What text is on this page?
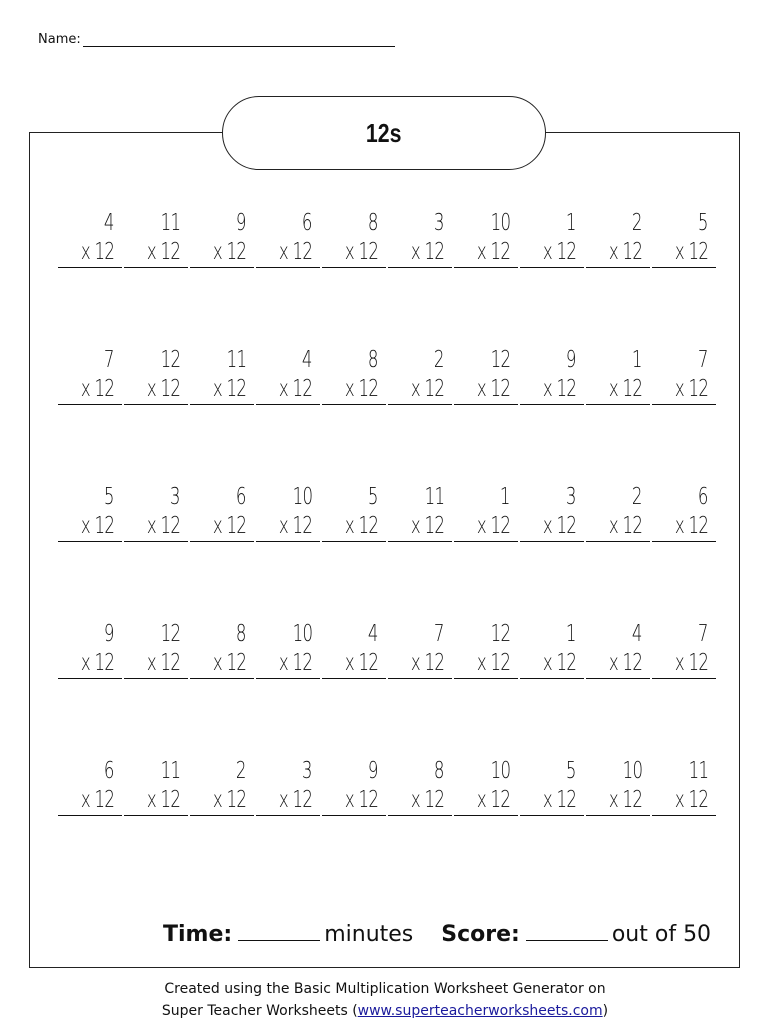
Name:
12s
4
x 12
11
x 12
9
x 12
6
x 12
8
x 12
3
x 12
10
x 12
1
x 12
2
x 12
5
x 12
7
x 12
12
x 12
11
x 12
4
x 12
8
x 12
2
x 12
12
x 12
9
x 12
1
x 12
7
x 12
5
x 12
3
x 12
6
x 12
10
x 12
5
x 12
11
x 12
1
x 12
3
x 12
2
x 12
6
x 12
9
x 12
12
x 12
8
x 12
10
x 12
4
x 12
7
x 12
12
x 12
1
x 12
4
x 12
7
x 12
6
x 12
11
x 12
2
x 12
3
x 12
9
x 12
8
x 12
10
x 12
5
x 12
10
x 12
11
x 12
Time:	minutes Score:	out of 50
Created using the Basic Multiplication Worksheet Generator on
Super Teacher Worksheets (www.superteacherworksheets.com)
